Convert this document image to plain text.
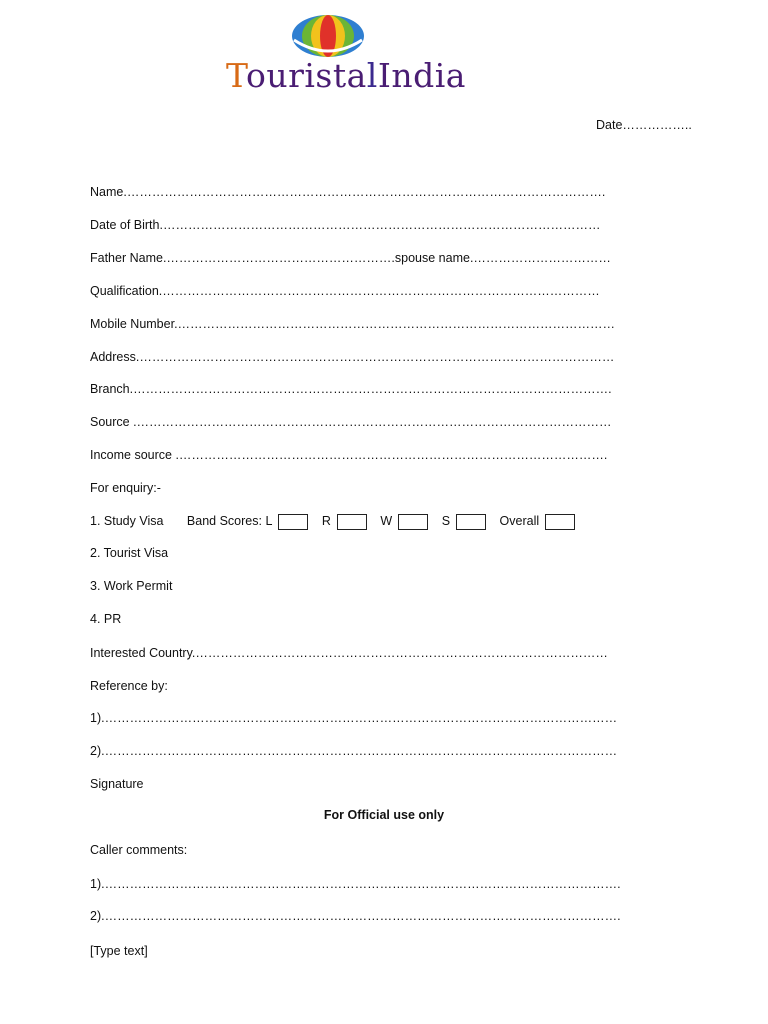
TouristalIndia
Date……………..
Name.…………………………………………………………………………………………………….
Date of Birth.……………………………………………………………………………………………
Father Name.……………………………………………….spouse name.……………………………
Qualification.……………………………………………………………………………………………
Mobile Number.……………………………………………………………………………………………
Address.……………………………………………………………………………………………………
Branch.…………………………………………………………………………………………………….
Source .……………………………………………………………………………………………………
Income source .………………………………………………………………………………………….
For enquiry:-
1. Study Visa Band Scores: L	R	W	S	Overall
2. Tourist Visa
3. Work Permit
4. PR
Interested Country.………………………………………………………………………………………
Reference by:
1).……………………………………………………………………………………………………………
2).……………………………………………………………………………………………………………
Signature
For Official use only
Caller comments:
1).…………………………………………………………………………………………………………….
2).…………………………………………………………………………………………………………….
[Type text]
